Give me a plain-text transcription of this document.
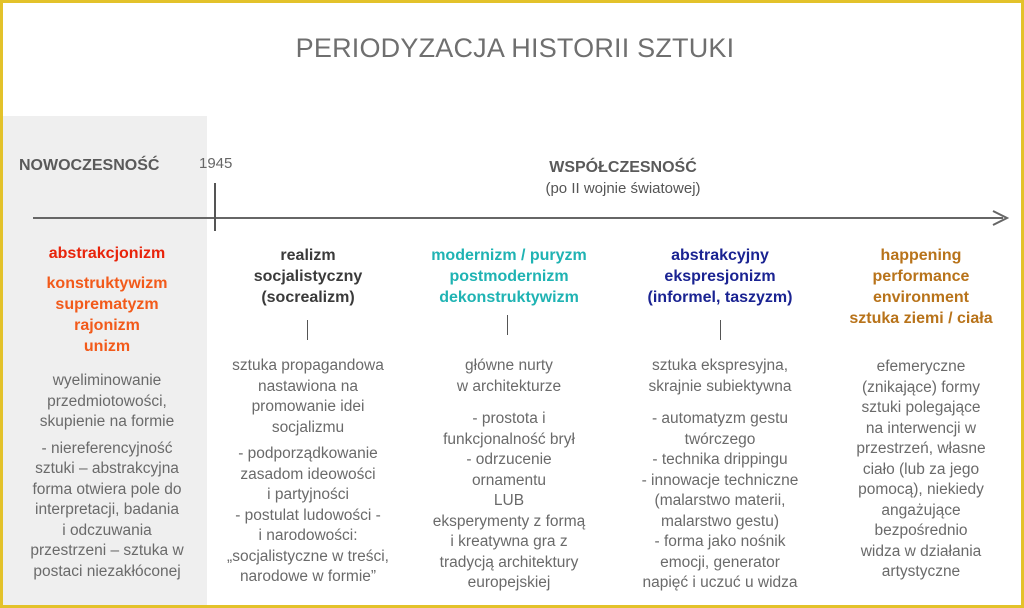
PERIODYZACJA HISTORII SZTUKI
NOWOCZESNOŚĆ	1945	WSPÓŁCZESNOŚĆ
(po II wojnie światowej)
abstrakcjonizm
konstruktywizm
suprematyzm
rajonizm
unizm
wyeliminowanie
przedmiotowości,
skupienie na formie
- niereferencyjność
sztuki – abstrakcyjna
forma otwiera pole do
interpretacji, badania
i odczuwania
przestrzeni – sztuka w
postaci niezakłóconej
realizm
socjalistyczny
(socrealizm)
sztuka propagandowa
nastawiona na
promowanie idei
socjalizmu
- podporządkowanie
zasadom ideowości
i partyjności
- postulat ludowości -
i narodowości:
„socjalistyczne w treści,
narodowe w formie”
modernizm / puryzm
postmodernizm
dekonstruktywizm
główne nurty
w architekturze
- prostota i
funkcjonalność brył
- odrzucenie
ornamentu
LUB
eksperymenty z formą
i kreatywna gra z
tradycją architektury
europejskiej
abstrakcyjny
ekspresjonizm
(informel, taszyzm)
sztuka ekspresyjna,
skrajnie subiektywna
- automatyzm gestu
twórczego
- technika drippingu
- innowacje techniczne
(malarstwo materii,
malarstwo gestu)
- forma jako nośnik
emocji, generator
napięć i uczuć u widza
happening
performance
environment
sztuka ziemi / ciała
efemeryczne
(znikające) formy
sztuki polegające
na interwencji w
przestrzeń, własne
ciało (lub za jego
pomocą), niekiedy
angażujące
bezpośrednio
widza w działania
artystyczne
